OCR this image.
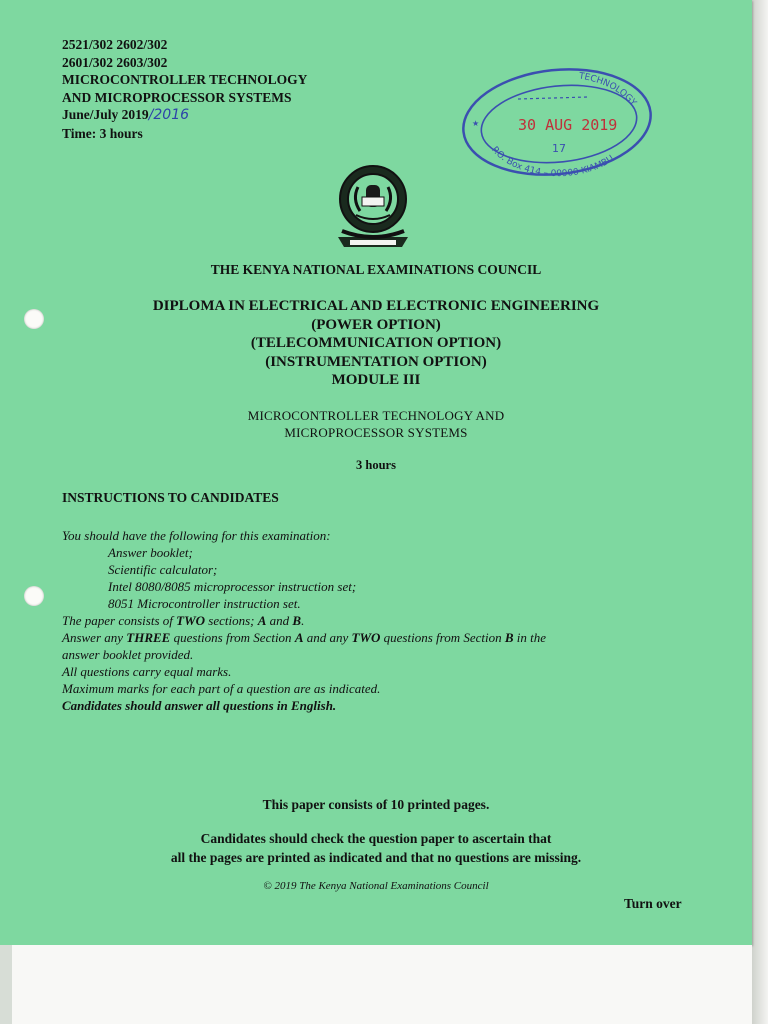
2521/302 2602/302
2601/302 2603/302
MICROCONTROLLER TECHNOLOGY
AND MICROPROCESSOR SYSTEMS
June/July 2019/2016
Time: 3 hours
TECHNOLOGY
P.O. Box 414 – 00900 KIAMBU
30 AUG 2019
17
★
THE KENYA NATIONAL EXAMINATIONS COUNCIL
DIPLOMA IN ELECTRICAL AND ELECTRONIC ENGINEERING
(POWER OPTION)
(TELECOMMUNICATION OPTION)
(INSTRUMENTATION OPTION)
MODULE III
MICROCONTROLLER TECHNOLOGY AND
MICROPROCESSOR SYSTEMS
3 hours
INSTRUCTIONS TO CANDIDATES
You should have the following for this examination:
Answer booklet;
Scientific calculator;
Intel 8080/8085 microprocessor instruction set;
8051 Microcontroller instruction set.
The paper consists of TWO sections; A and B.
Answer any THREE questions from Section A and any TWO questions from Section B in the
answer booklet provided.
All questions carry equal marks.
Maximum marks for each part of a question are as indicated.
Candidates should answer all questions in English.
This paper consists of 10 printed pages.
Candidates should check the question paper to ascertain that
all the pages are printed as indicated and that no questions are missing.
© 2019 The Kenya National Examinations Council
Turn over
